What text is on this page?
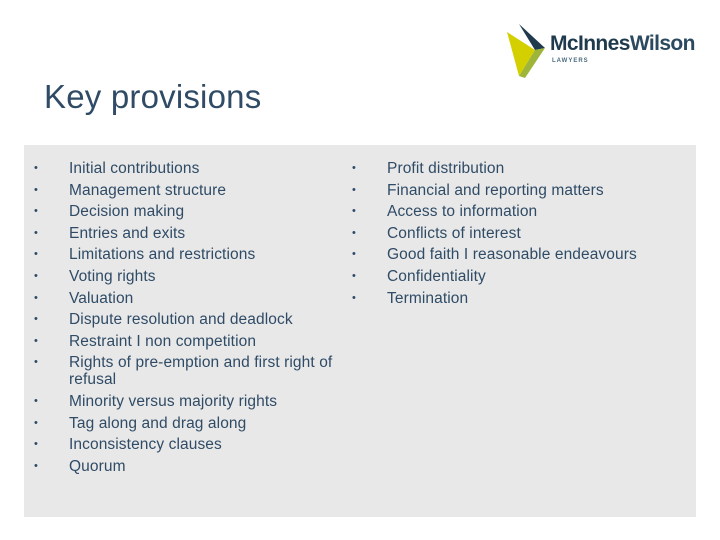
McInnesWilson
LAWYERS
Key provisions
• Initial contributions
• Management structure
• Decision making
• Entries and exits
• Limitations and restrictions
• Voting rights
• Valuation
• Dispute resolution and deadlock
• Restraint I non competition
• Rights of pre-emption and first right of refusal
• Minority versus majority rights
• Tag along and drag along
• Inconsistency clauses
• Quorum
• Profit distribution
• Financial and reporting matters
• Access to information
• Conflicts of interest
• Good faith I reasonable endeavours
• Confidentiality
• Termination
